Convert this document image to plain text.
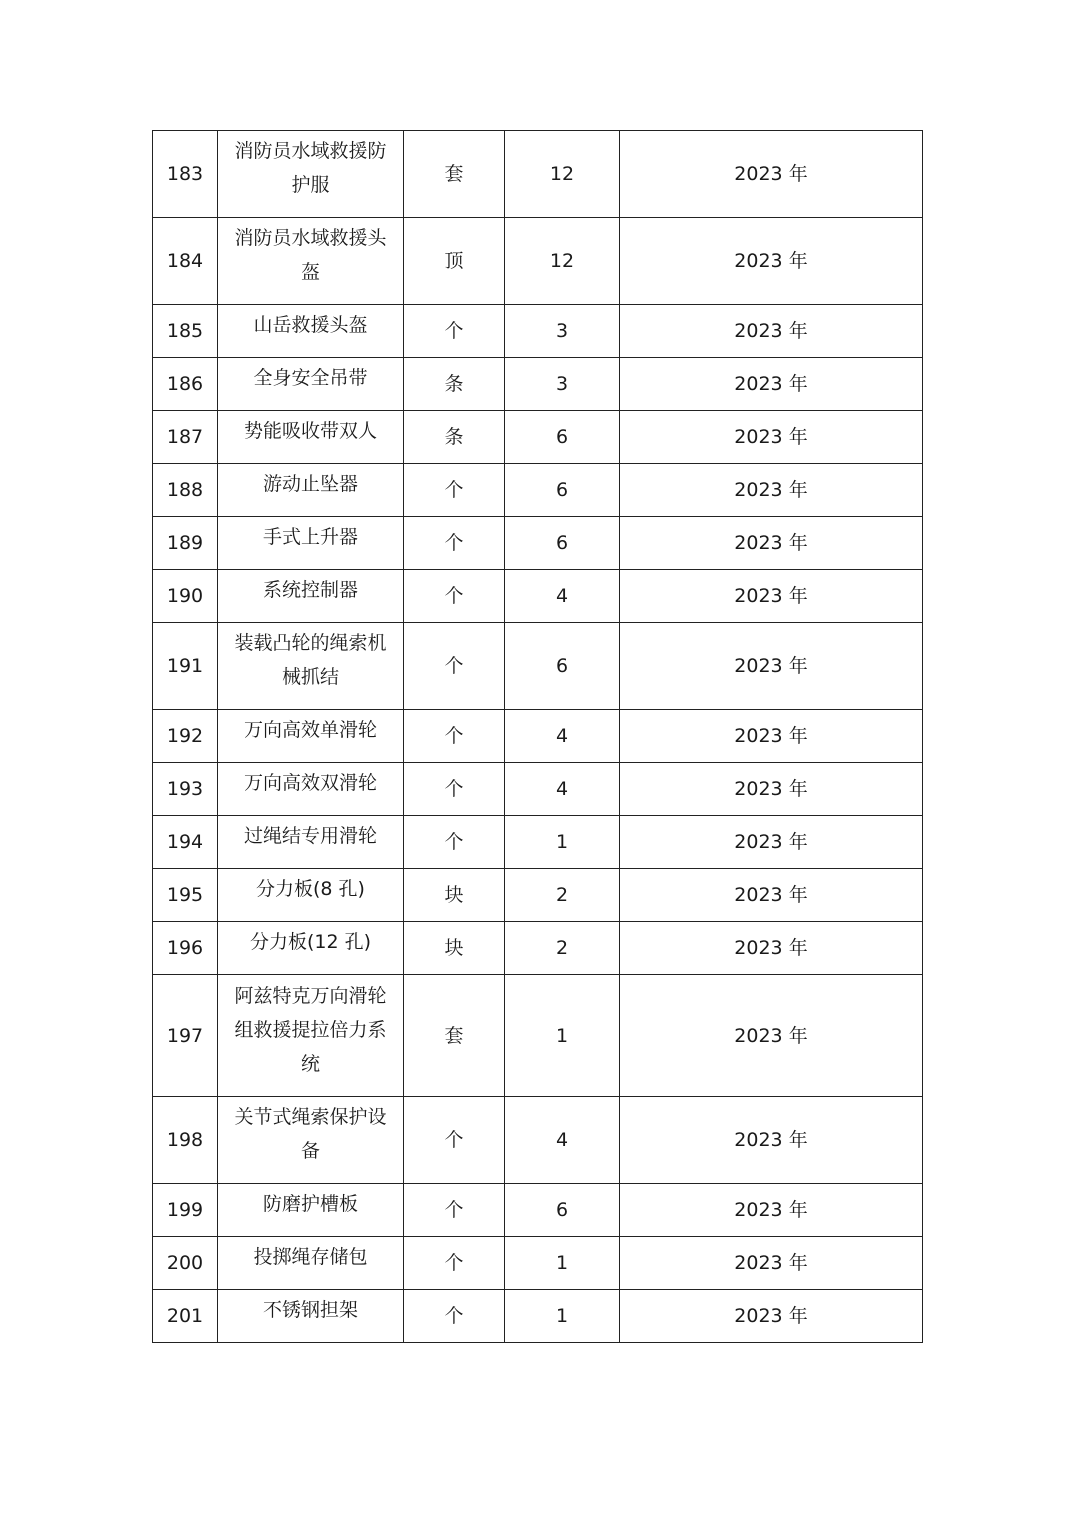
183	消防员水域救援防护服	套	12	2023 年
184	消防员水域救援头盔	顶	12	2023 年
185	山岳救援头盔	个	3	2023 年
186	全身安全吊带	条	3	2023 年
187	势能吸收带双人	条	6	2023 年
188	游动止坠器	个	6	2023 年
189	手式上升器	个	6	2023 年
190	系统控制器	个	4	2023 年
191	装载凸轮的绳索机械抓结	个	6	2023 年
192	万向高效单滑轮	个	4	2023 年
193	万向高效双滑轮	个	4	2023 年
194	过绳结专用滑轮	个	1	2023 年
195	分力板(8 孔)	块	2	2023 年
196	分力板(12 孔)	块	2	2023 年
197	阿兹特克万向滑轮组救援提拉倍力系统	套	1	2023 年
198	关节式绳索保护设备	个	4	2023 年
199	防磨护槽板	个	6	2023 年
200	投掷绳存储包	个	1	2023 年
201	不锈钢担架	个	1	2023 年
